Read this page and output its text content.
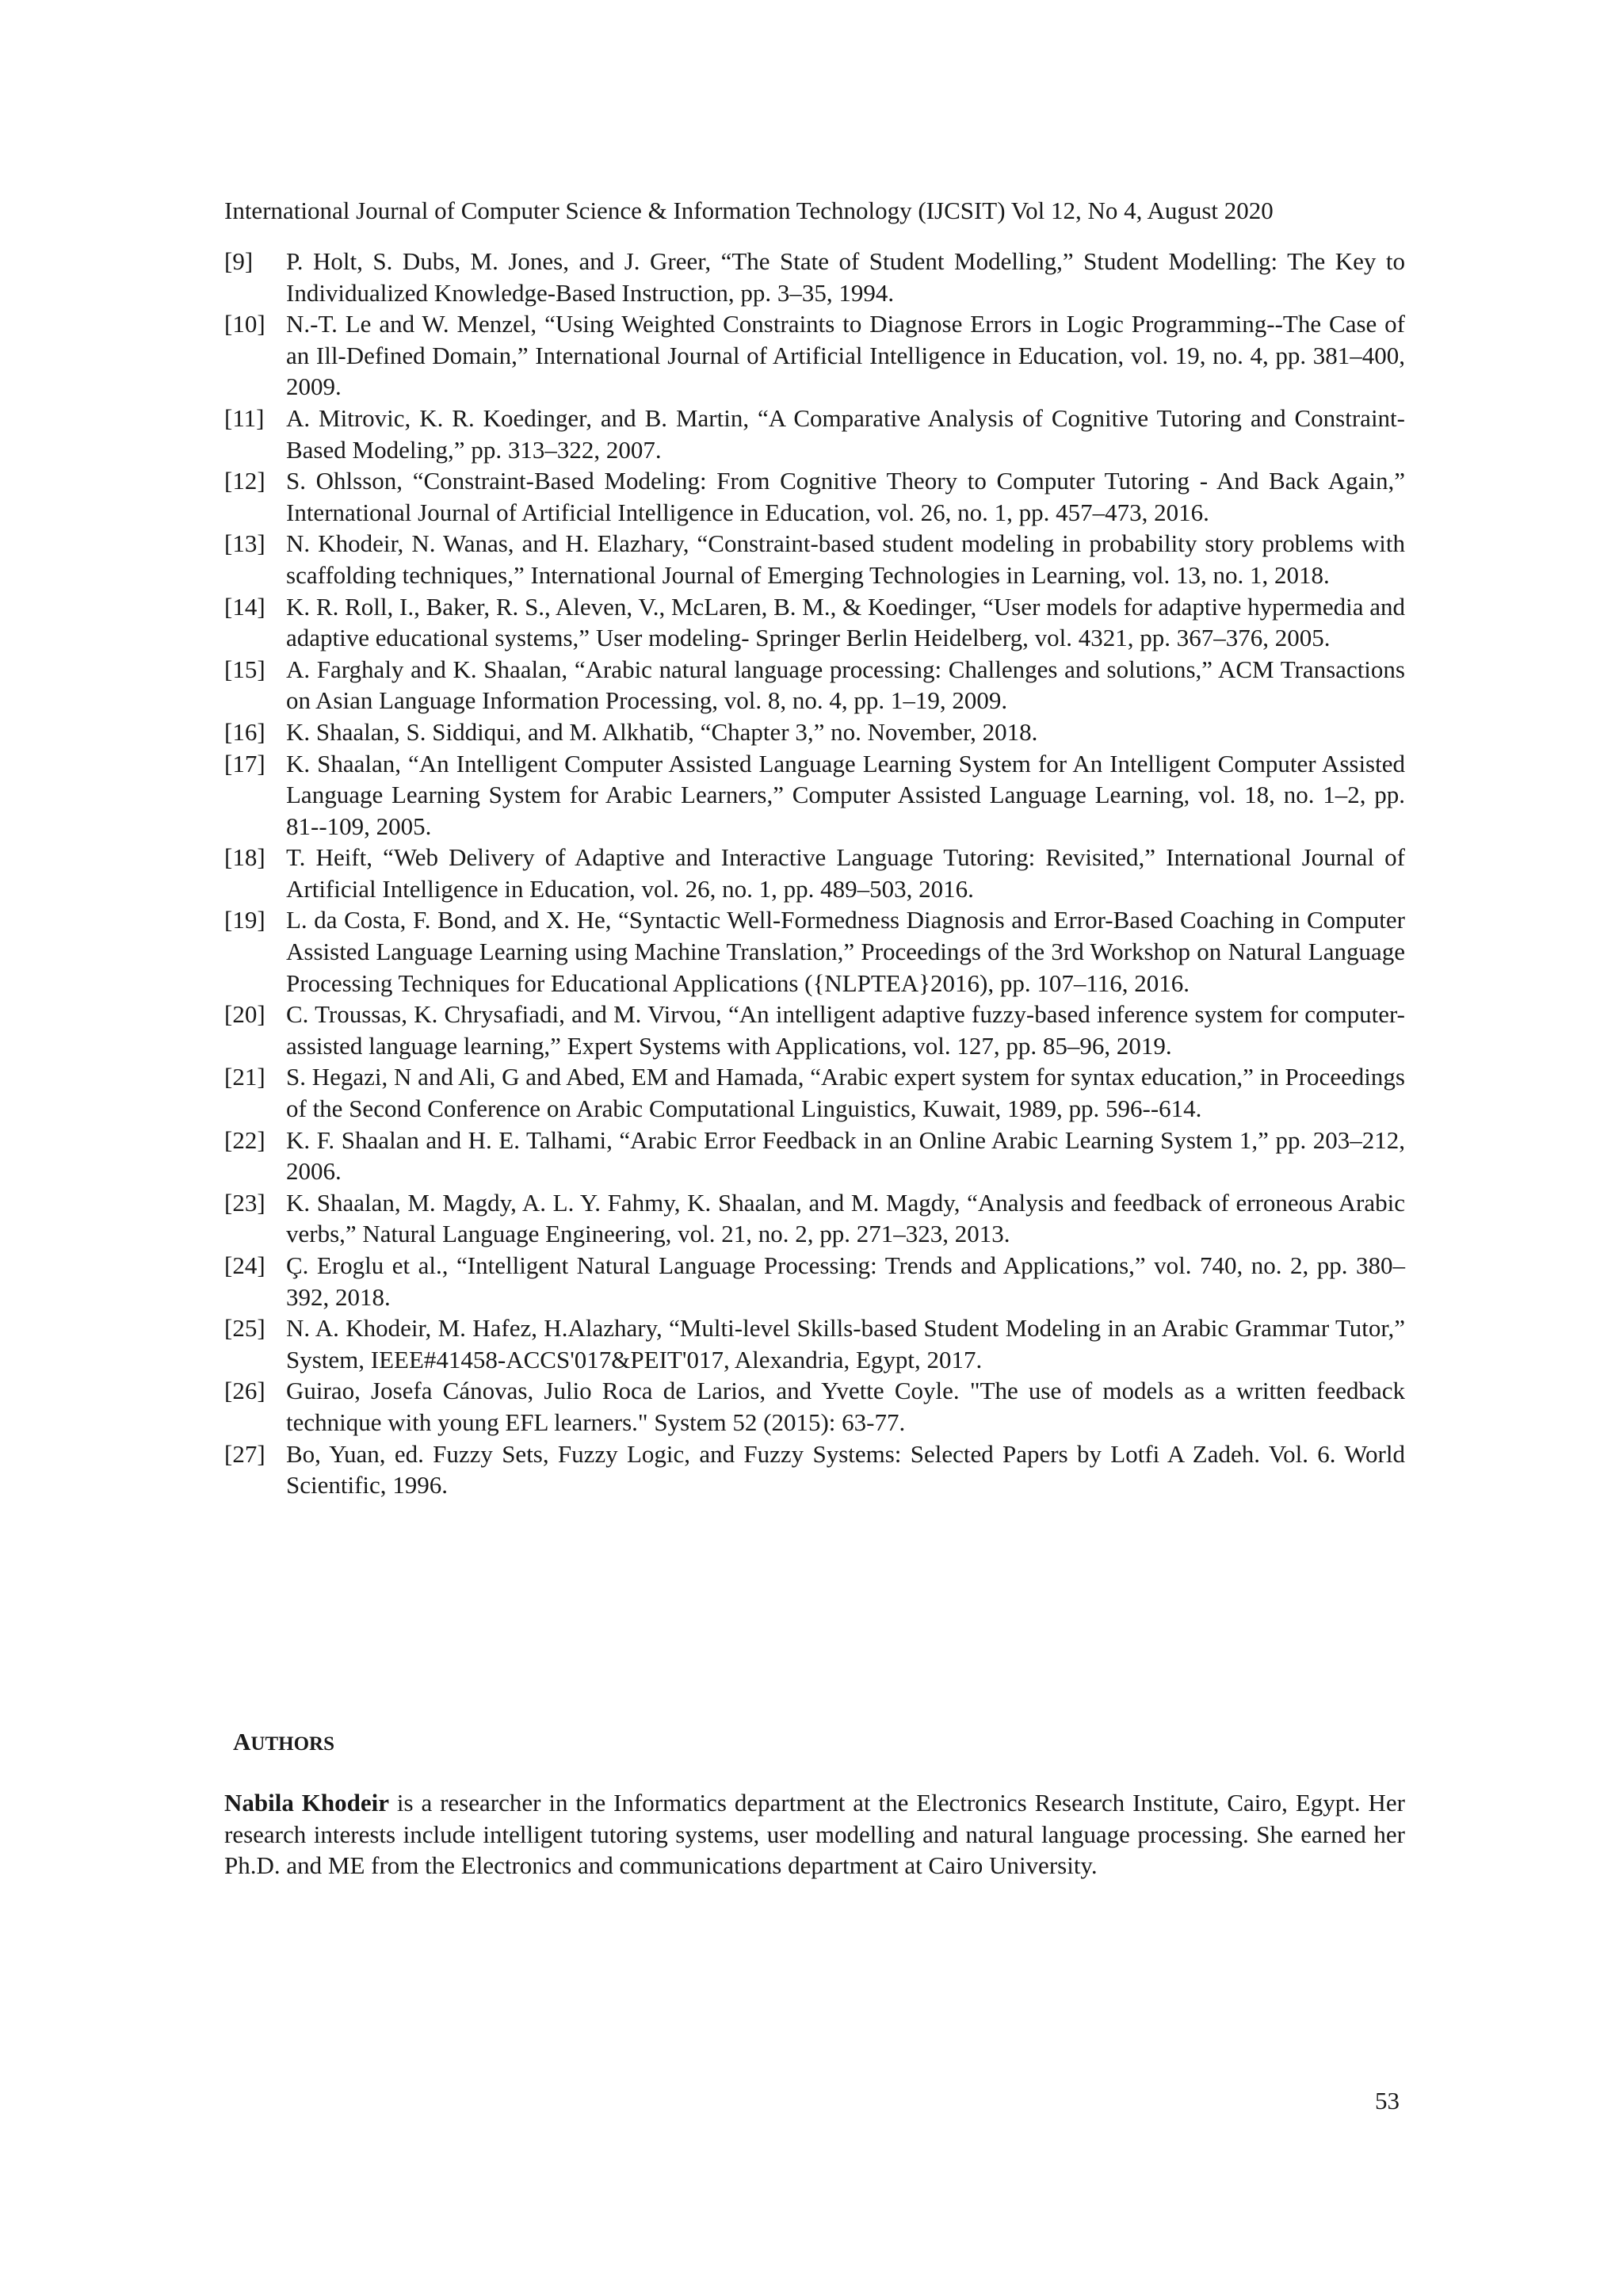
International Journal of Computer Science & Information Technology (IJCSIT) Vol 12, No 4, August 2020
[9]	P. Holt, S. Dubs, M. Jones, and J. Greer, “The State of Student Modelling,” Student Modelling: The Key to Individualized Knowledge-Based Instruction, pp. 3–35, 1994.
[10] N.-T. Le and W. Menzel, “Using Weighted Constraints to Diagnose Errors in Logic Programming--The Case of an Ill-Defined Domain,” International Journal of Artificial Intelligence in Education, vol. 19, no. 4, pp. 381–400, 2009.
[11] A. Mitrovic, K. R. Koedinger, and B. Martin, “A Comparative Analysis of Cognitive Tutoring and Constraint-Based Modeling,” pp. 313–322, 2007.
[12] S. Ohlsson, “Constraint-Based Modeling: From Cognitive Theory to Computer Tutoring - And Back Again,” International Journal of Artificial Intelligence in Education, vol. 26, no. 1, pp. 457–473, 2016.
[13] N. Khodeir, N. Wanas, and H. Elazhary, “Constraint-based student modeling in probability story problems with scaffolding techniques,” International Journal of Emerging Technologies in Learning, vol. 13, no. 1, 2018.
[14] K. R. Roll, I., Baker, R. S., Aleven, V., McLaren, B. M., & Koedinger, “User models for adaptive hypermedia and adaptive educational systems,” User modeling- Springer Berlin Heidelberg, vol. 4321, pp. 367–376, 2005.
[15] A. Farghaly and K. Shaalan, “Arabic natural language processing: Challenges and solutions,” ACM Transactions on Asian Language Information Processing, vol. 8, no. 4, pp. 1–19, 2009.
[16] K. Shaalan, S. Siddiqui, and M. Alkhatib, “Chapter 3,” no. November, 2018.
[17] K. Shaalan, “An Intelligent Computer Assisted Language Learning System for An Intelligent Computer Assisted Language Learning System for Arabic Learners,” Computer Assisted Language Learning, vol. 18, no. 1–2, pp. 81--109, 2005.
[18] T. Heift, “Web Delivery of Adaptive and Interactive Language Tutoring: Revisited,” International Journal of Artificial Intelligence in Education, vol. 26, no. 1, pp. 489–503, 2016.
[19] L. da Costa, F. Bond, and X. He, “Syntactic Well-Formedness Diagnosis and Error-Based Coaching in Computer Assisted Language Learning using Machine Translation,” Proceedings of the 3rd Workshop on Natural Language Processing Techniques for Educational Applications ({NLPTEA}2016), pp. 107–116, 2016.
[20] C. Troussas, K. Chrysafiadi, and M. Virvou, “An intelligent adaptive fuzzy-based inference system for computer-assisted language learning,” Expert Systems with Applications, vol. 127, pp. 85–96, 2019.
[21] S. Hegazi, N and Ali, G and Abed, EM and Hamada, “Arabic expert system for syntax education,” in Proceedings of the Second Conference on Arabic Computational Linguistics, Kuwait, 1989, pp. 596--614.
[22] K. F. Shaalan and H. E. Talhami, “Arabic Error Feedback in an Online Arabic Learning System 1,” pp. 203–212, 2006.
[23] K. Shaalan, M. Magdy, A. L. Y. Fahmy, K. Shaalan, and M. Magdy, “Analysis and feedback of erroneous Arabic verbs,” Natural Language Engineering, vol. 21, no. 2, pp. 271–323, 2013.
[24] Ç. Eroglu et al., “Intelligent Natural Language Processing: Trends and Applications,” vol. 740, no. 2, pp. 380–392, 2018.
[25] N. A. Khodeir, M. Hafez, H.Alazhary, “Multi-level Skills-based Student Modeling in an Arabic Grammar Tutor,” System, IEEE#41458-ACCS'017&PEIT'017, Alexandria, Egypt, 2017.
[26] Guirao, Josefa Cánovas, Julio Roca de Larios, and Yvette Coyle. "The use of models as a written feedback technique with young EFL learners." System 52 (2015): 63-77.
[27] Bo, Yuan, ed. Fuzzy Sets, Fuzzy Logic, and Fuzzy Systems: Selected Papers by Lotfi A Zadeh. Vol. 6. World Scientific, 1996.
AUTHORS
Nabila Khodeir is a researcher in the Informatics department at the Electronics Research Institute, Cairo, Egypt. Her research interests include intelligent tutoring systems, user modelling and natural language processing. She earned her Ph.D. and ME from the Electronics and communications department at Cairo University.
53
